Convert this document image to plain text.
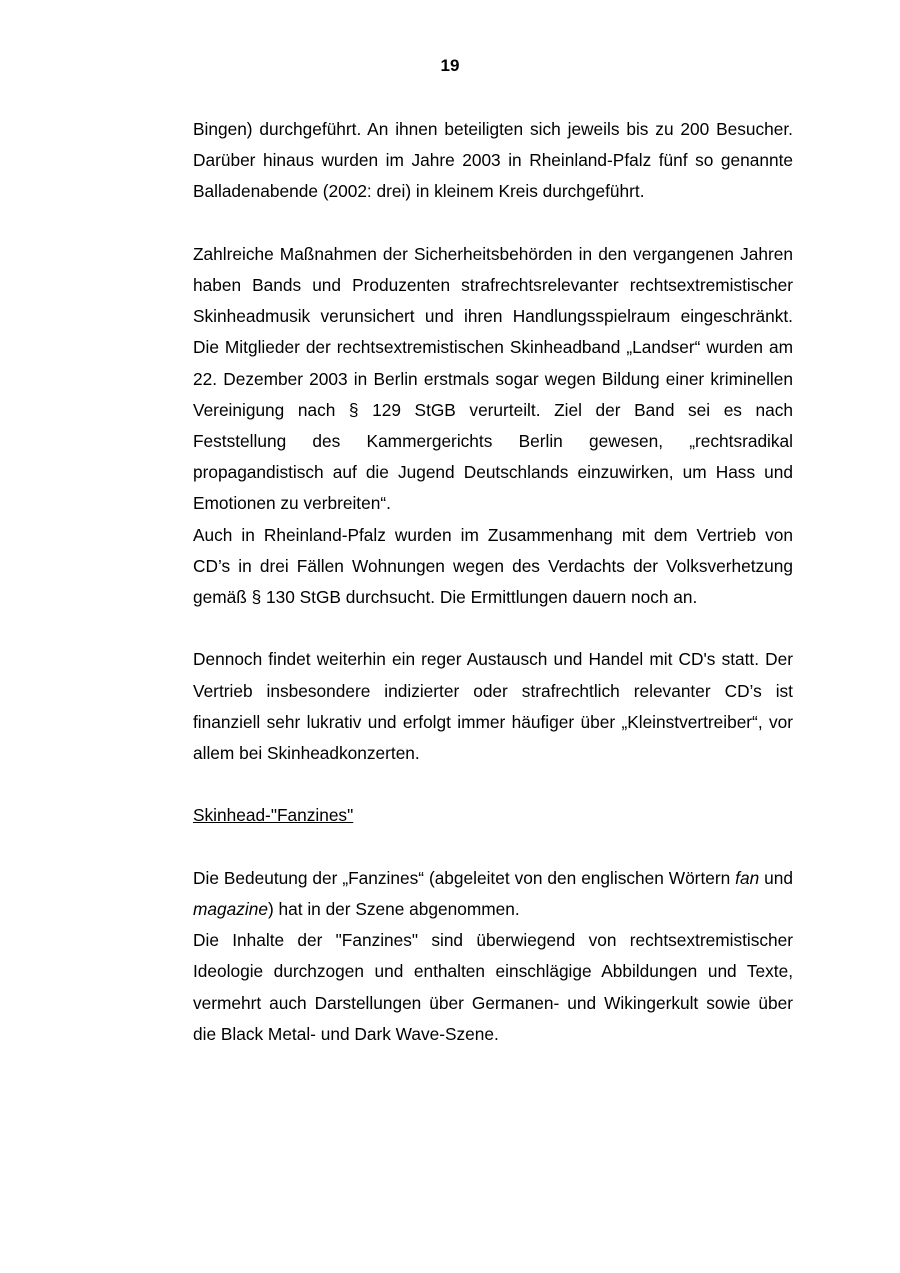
19

Bingen) durchgeführt. An ihnen beteiligten sich jeweils bis zu 200 Besucher. Darüber hinaus wurden im Jahre 2003 in Rheinland-Pfalz fünf so genannte Balladenabende (2002: drei) in kleinem Kreis durchgeführt.

Zahlreiche Maßnahmen der Sicherheitsbehörden in den vergangenen Jahren haben Bands und Produzenten strafrechtsrelevanter rechtsextremistischer Skinheadmusik verunsichert und ihren Handlungsspielraum eingeschränkt. Die Mitglieder der rechtsextremistischen Skinheadband „Landser“ wurden am 22. Dezember 2003 in Berlin erstmals sogar wegen Bildung einer kriminellen Vereinigung nach § 129 StGB verurteilt. Ziel der Band sei es nach Feststellung des Kammergerichts Berlin gewesen, „rechtsradikal propagandistisch auf die Jugend Deutschlands einzuwirken, um Hass und Emotionen zu verbreiten“.

Auch in Rheinland-Pfalz wurden im Zusammenhang mit dem Vertrieb von CD’s in drei Fällen Wohnungen wegen des Verdachts der Volksverhetzung gemäß § 130 StGB durchsucht. Die Ermittlungen dauern noch an.

Dennoch findet weiterhin ein reger Austausch und Handel mit CD's statt. Der Vertrieb insbesondere indizierter oder strafrechtlich relevanter CD’s ist finanziell sehr lukrativ und erfolgt immer häufiger über „Kleinstvertreiber“, vor allem bei Skinheadkonzerten.

Skinhead-"Fanzines"

Die Bedeutung der „Fanzines“ (abgeleitet von den englischen Wörtern fan und magazine) hat in der Szene abgenommen.

Die Inhalte der "Fanzines" sind überwiegend von rechtsextremistischer Ideologie durchzogen und enthalten einschlägige Abbildungen und Texte, vermehrt auch Darstellungen über Germanen- und Wikingerkult sowie über die Black Metal- und Dark Wave-Szene.
